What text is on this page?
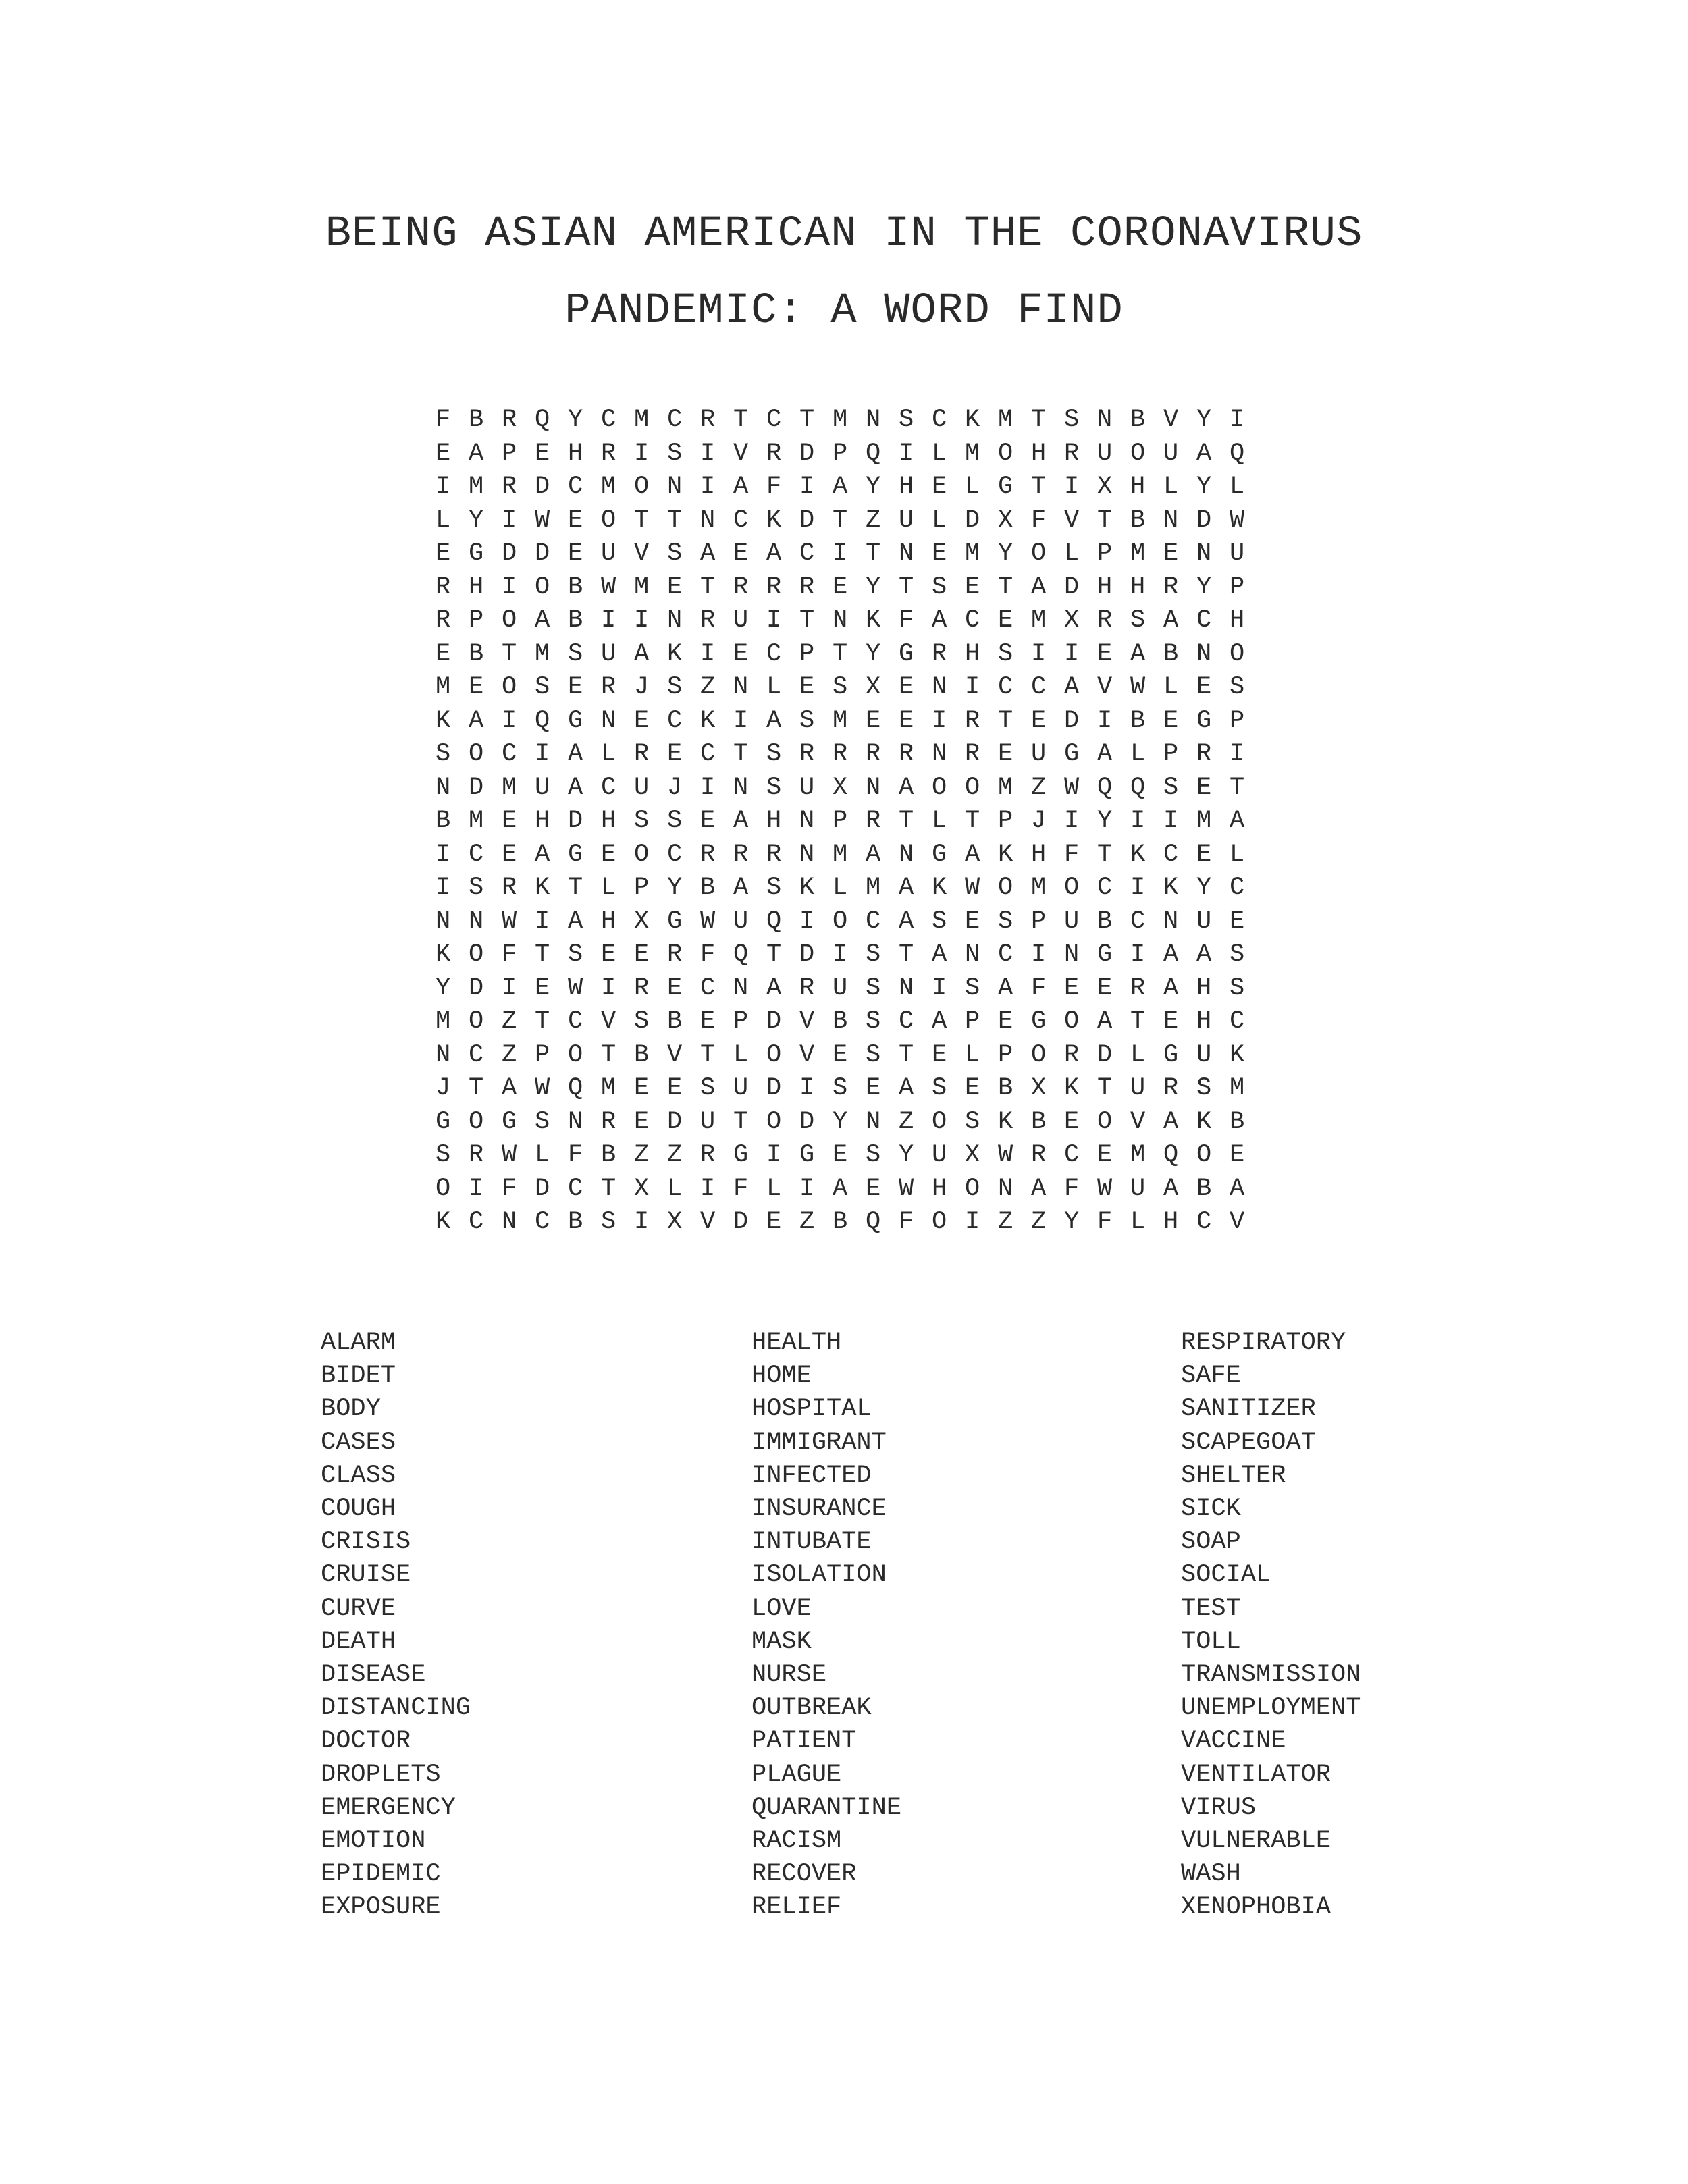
BEING ASIAN AMERICAN IN THE CORONAVIRUS
PANDEMIC: A WORD FIND
F B R Q Y C M C R T C T M N S C K M T S N B V Y I
E A P E H R I S I V R D P Q I L M O H R U O U A Q
I M R D C M O N I A F I A Y H E L G T I X H L Y L
L Y I W E O T T N C K D T Z U L D X F V T B N D W
E G D D E U V S A E A C I T N E M Y O L P M E N U
R H I O B W M E T R R R E Y T S E T A D H H R Y P
R P O A B I I N R U I T N K F A C E M X R S A C H
E B T M S U A K I E C P T Y G R H S I I E A B N O
M E O S E R J S Z N L E S X E N I C C A V W L E S
K A I Q G N E C K I A S M E E I R T E D I B E G P
S O C I A L R E C T S R R R R N R E U G A L P R I
N D M U A C U J I N S U X N A O O M Z W Q Q S E T
B M E H D H S S E A H N P R T L T P J I Y I I M A
I C E A G E O C R R R N M A N G A K H F T K C E L
I S R K T L P Y B A S K L M A K W O M O C I K Y C
N N W I A H X G W U Q I O C A S E S P U B C N U E
K O F T S E E R F Q T D I S T A N C I N G I A A S
Y D I E W I R E C N A R U S N I S A F E E R A H S
M O Z T C V S B E P D V B S C A P E G O A T E H C
N C Z P O T B V T L O V E S T E L P O R D L G U K
J T A W Q M E E S U D I S E A S E B X K T U R S M
G O G S N R E D U T O D Y N Z O S K B E O V A K B
S R W L F B Z Z R G I G E S Y U X W R C E M Q O E
O I F D C T X L I F L I A E W H O N A F W U A B A
K C N C B S I X V D E Z B Q F O I Z Z Y F L H C V
ALARM
BIDET
BODY
CASES
CLASS
COUGH
CRISIS
CRUISE
CURVE
DEATH
DISEASE
DISTANCING
DOCTOR
DROPLETS
EMERGENCY
EMOTION
EPIDEMIC
EXPOSURE
HEALTH
HOME
HOSPITAL
IMMIGRANT
INFECTED
INSURANCE
INTUBATE
ISOLATION
LOVE
MASK
NURSE
OUTBREAK
PATIENT
PLAGUE
QUARANTINE
RACISM
RECOVER
RELIEF
RESPIRATORY
SAFE
SANITIZER
SCAPEGOAT
SHELTER
SICK
SOAP
SOCIAL
TEST
TOLL
TRANSMISSION
UNEMPLOYMENT
VACCINE
VENTILATOR
VIRUS
VULNERABLE
WASH
XENOPHOBIA
